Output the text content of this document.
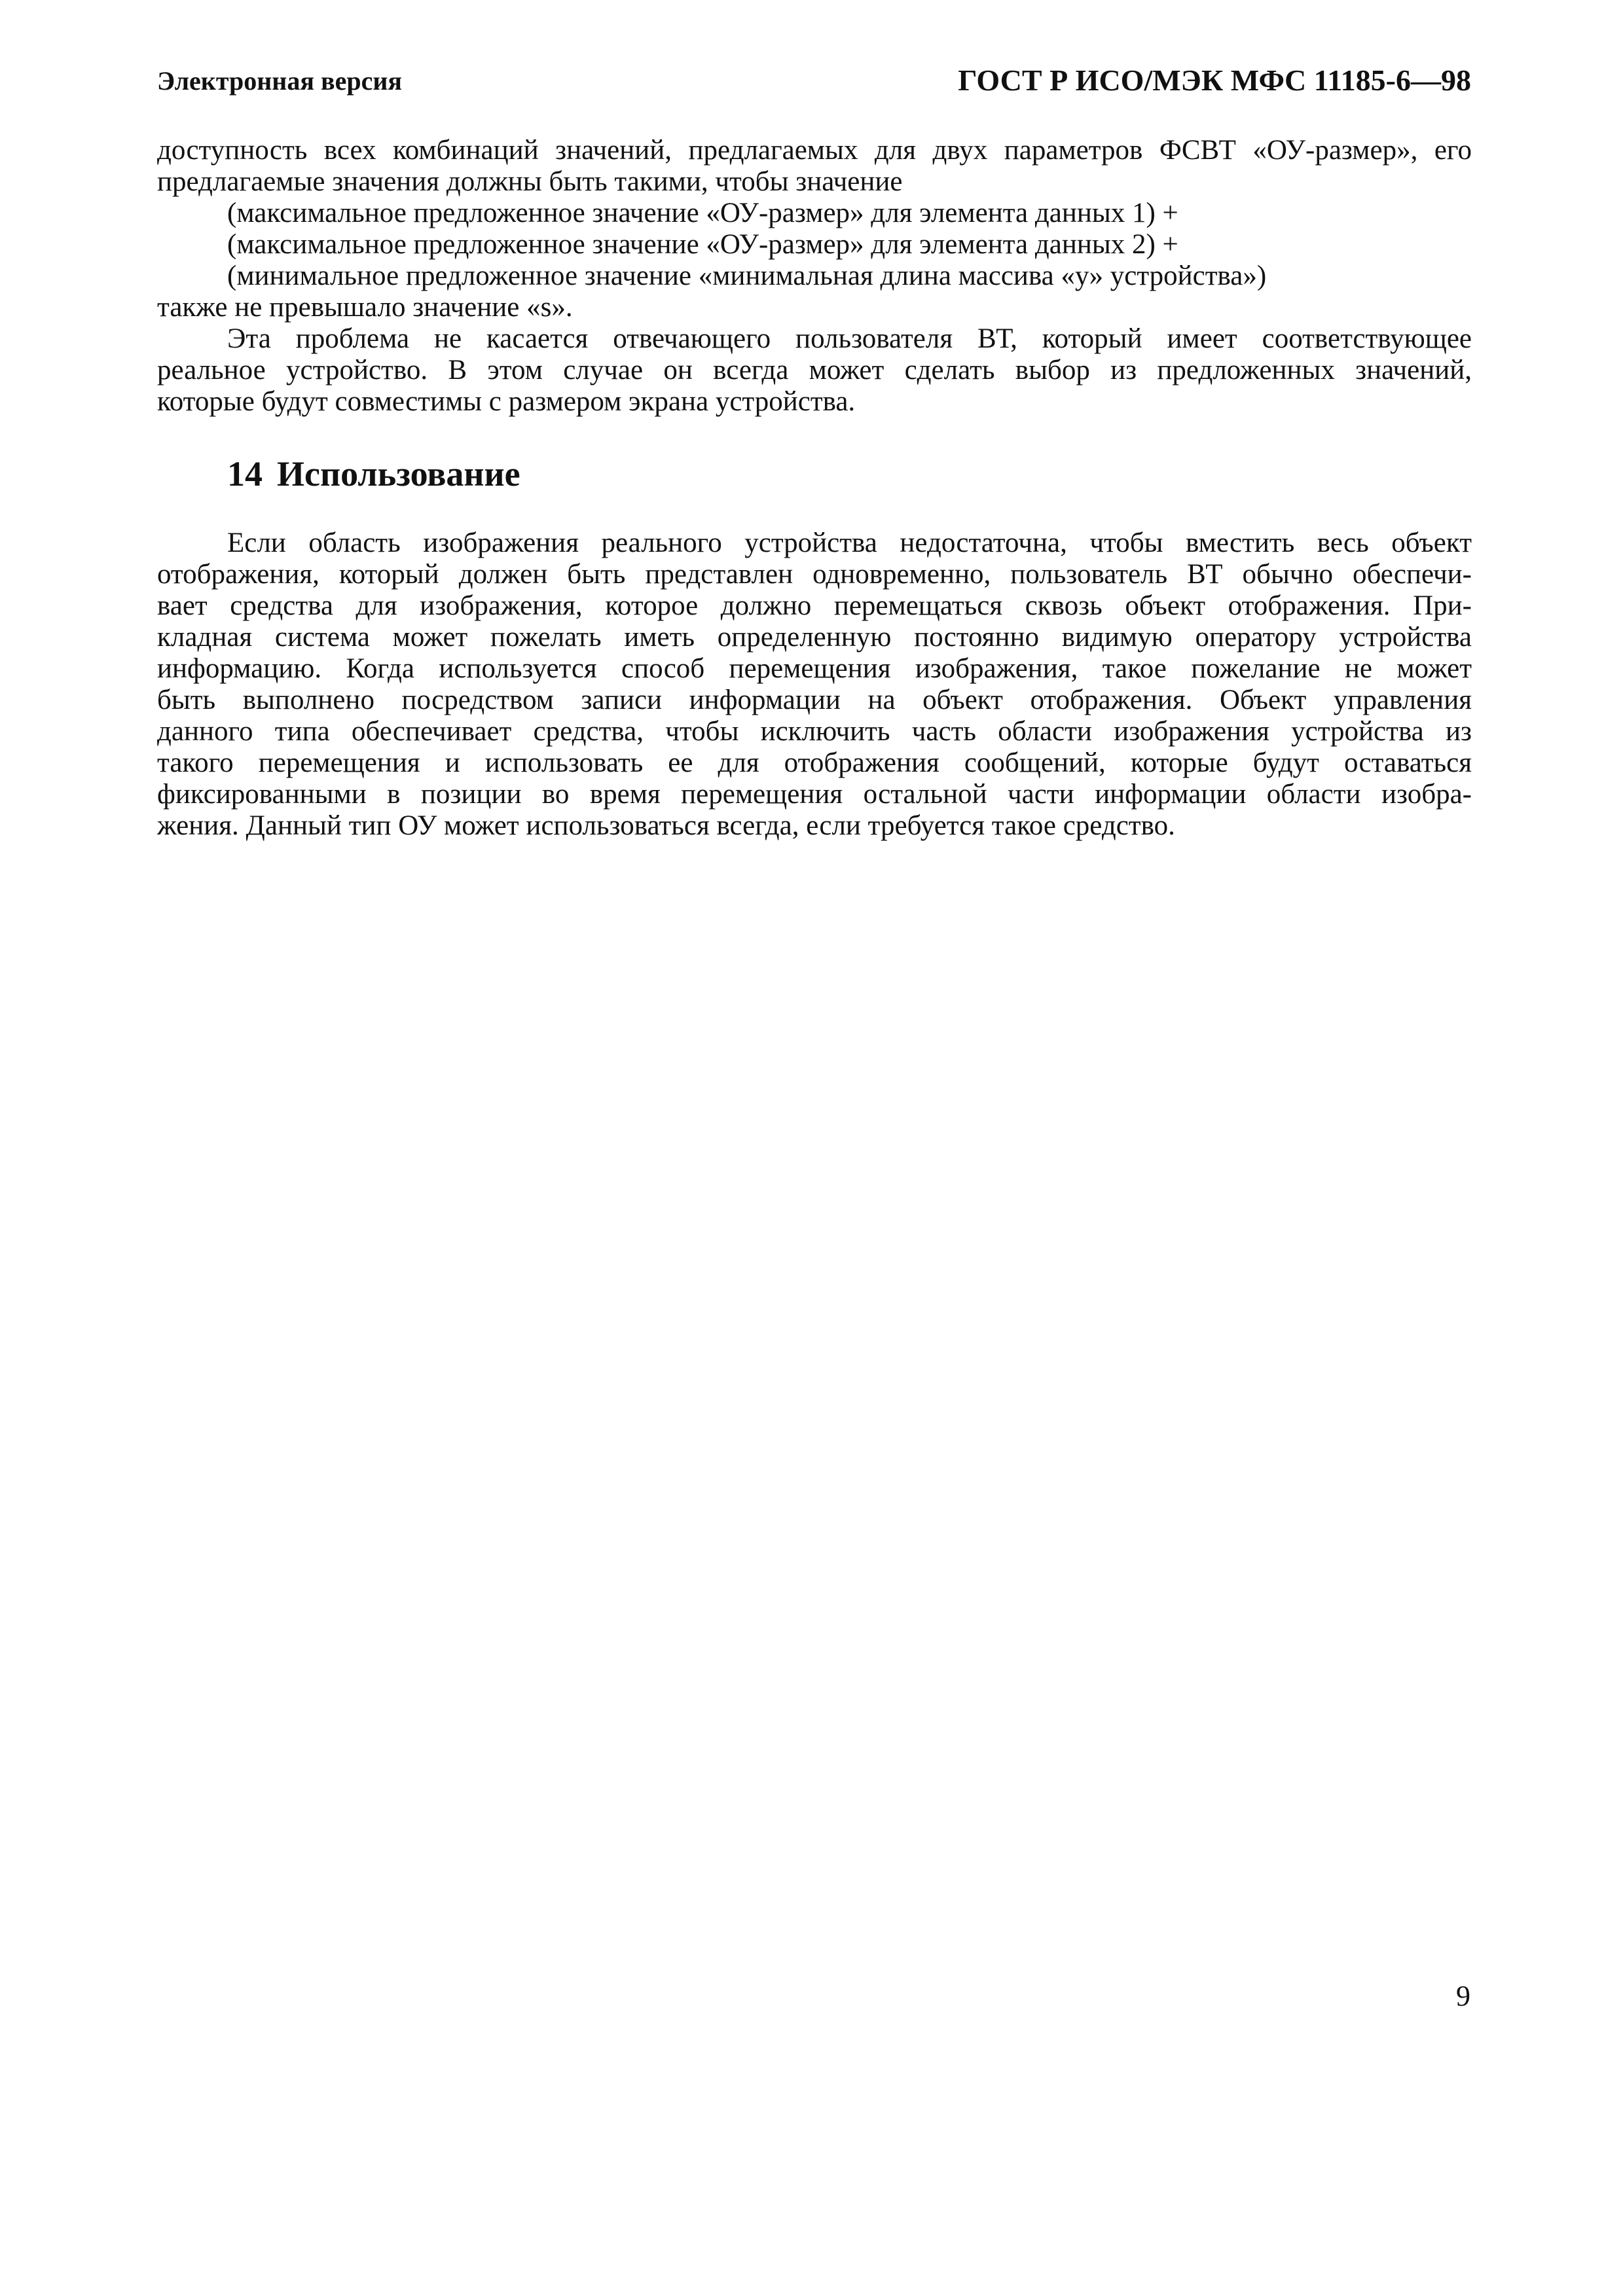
Электронная версия	ГОСТ Р ИСО/МЭК МФС 11185-6—98
доступность всех комбинаций значений, предлагаемых для двух параметров ФСВТ «ОУ-размер», его
предлагаемые значения должны быть такими, чтобы значение
(максимальное предложенное значение «ОУ-размер» для элемента данных 1) +
(максимальное предложенное значение «ОУ-размер» для элемента данных 2) +
(минимальное предложенное значение «минимальная длина массива «y» устройства»)
также не превышало значение «s».
Эта проблема не касается отвечающего пользователя ВТ, который имеет соответствующее
реальное устройство. В этом случае он всегда может сделать выбор из предложенных значений,
которые будут совместимы с размером экрана устройства.
14 Использование
Если область изображения реального устройства недостаточна, чтобы вместить весь объект
отображения, который должен быть представлен одновременно, пользователь ВТ обычно обеспечи-
вает средства для изображения, которое должно перемещаться сквозь объект отображения. При-
кладная система может пожелать иметь определенную постоянно видимую оператору устройства
информацию. Когда используется способ перемещения изображения, такое пожелание не может
быть выполнено посредством записи информации на объект отображения. Объект управления
данного типа обеспечивает средства, чтобы исключить часть области изображения устройства из
такого перемещения и использовать ее для отображения сообщений, которые будут оставаться
фиксированными в позиции во время перемещения остальной части информации области изобра-
жения. Данный тип ОУ может использоваться всегда, если требуется такое средство.
9
